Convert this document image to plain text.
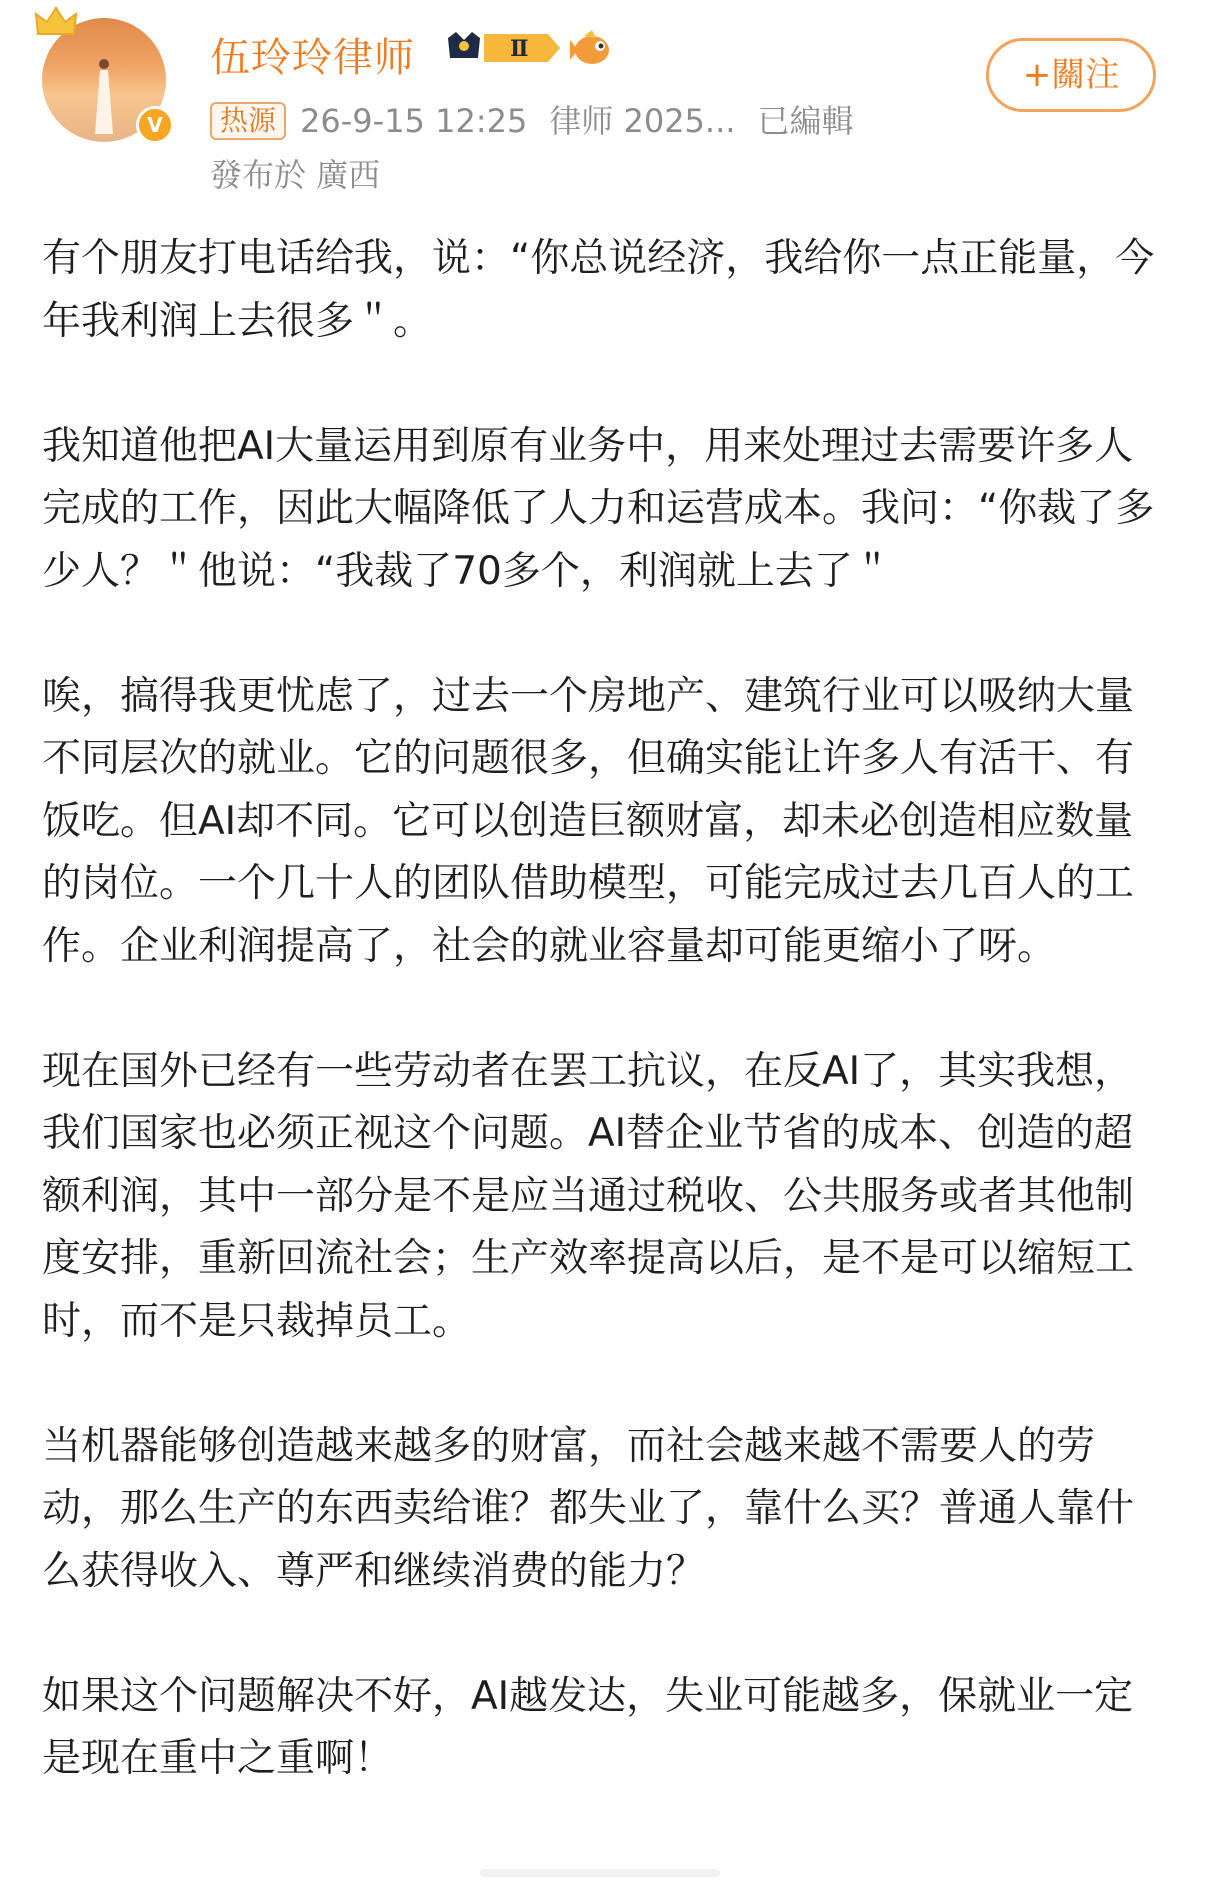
V
伍玲玲律师	Ⅱ
热源 26-9-15 12:25 律师 2025... 已編輯
發布於 廣西
+關注

有个朋友打电话给我，说：“你总说经济，我给你一点正能量，今年我利润上去很多＂。

我知道他把AI大量运用到原有业务中，用来处理过去需要许多人完成的工作，因此大幅降低了人力和运营成本。我问：“你裁了多少人？＂他说：“我裁了70多个，利润就上去了＂

唉，搞得我更忧虑了，过去一个房地产、建筑行业可以吸纳大量不同层次的就业。它的问题很多，但确实能让许多人有活干、有饭吃。但AI却不同。它可以创造巨额财富，却未必创造相应数量的岗位。一个几十人的团队借助模型，可能完成过去几百人的工作。企业利润提高了，社会的就业容量却可能更缩小了呀。

现在国外已经有一些劳动者在罢工抗议，在反AI了，其实我想，我们国家也必须正视这个问题。AI替企业节省的成本、创造的超额利润，其中一部分是不是应当通过税收、公共服务或者其他制度安排，重新回流社会；生产效率提高以后，是不是可以缩短工时，而不是只裁掉员工。

当机器能够创造越来越多的财富，而社会越来越不需要人的劳动，那么生产的东西卖给谁？都失业了，靠什么买？普通人靠什么获得收入、尊严和继续消费的能力？

如果这个问题解决不好，AI越发达，失业可能越多，保就业一定是现在重中之重啊！
